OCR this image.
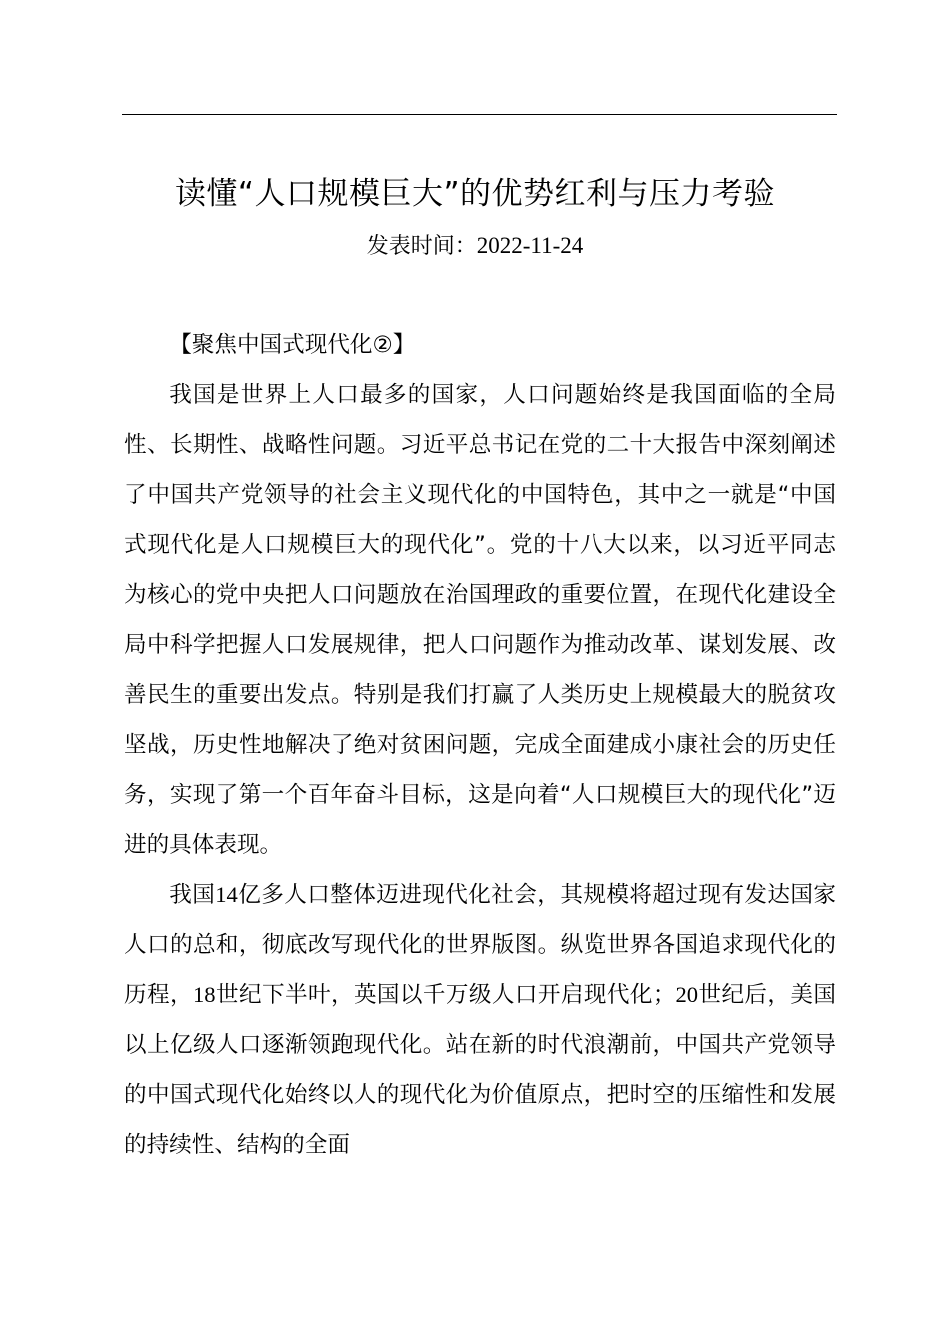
读懂“人口规模巨大”的优势红利与压力考验
发表时间：2022-11-24

【聚焦中国式现代化②】

我国是世界上人口最多的国家，人口问题始终是我国面临的全局性、长期性、战略性问题。习近平总书记在党的二十大报告中深刻阐述了中国共产党领导的社会主义现代化的中国特色，其中之一就是“中国式现代化是人口规模巨大的现代化”。党的十八大以来，以习近平同志为核心的党中央把人口问题放在治国理政的重要位置，在现代化建设全局中科学把握人口发展规律，把人口问题作为推动改革、谋划发展、改善民生的重要出发点。特别是我们打赢了人类历史上规模最大的脱贫攻坚战，历史性地解决了绝对贫困问题，完成全面建成小康社会的历史任务，实现了第一个百年奋斗目标，这是向着“人口规模巨大的现代化”迈进的具体表现。

我国14亿多人口整体迈进现代化社会，其规模将超过现有发达国家人口的总和，彻底改写现代化的世界版图。纵览世界各国追求现代化的历程，18世纪下半叶，英国以千万级人口开启现代化；20世纪后，美国以上亿级人口逐渐领跑现代化。站在新的时代浪潮前，中国共产党领导的中国式现代化始终以人的现代化为价值原点，把时空的压缩性和发展的持续性、结构的全面
